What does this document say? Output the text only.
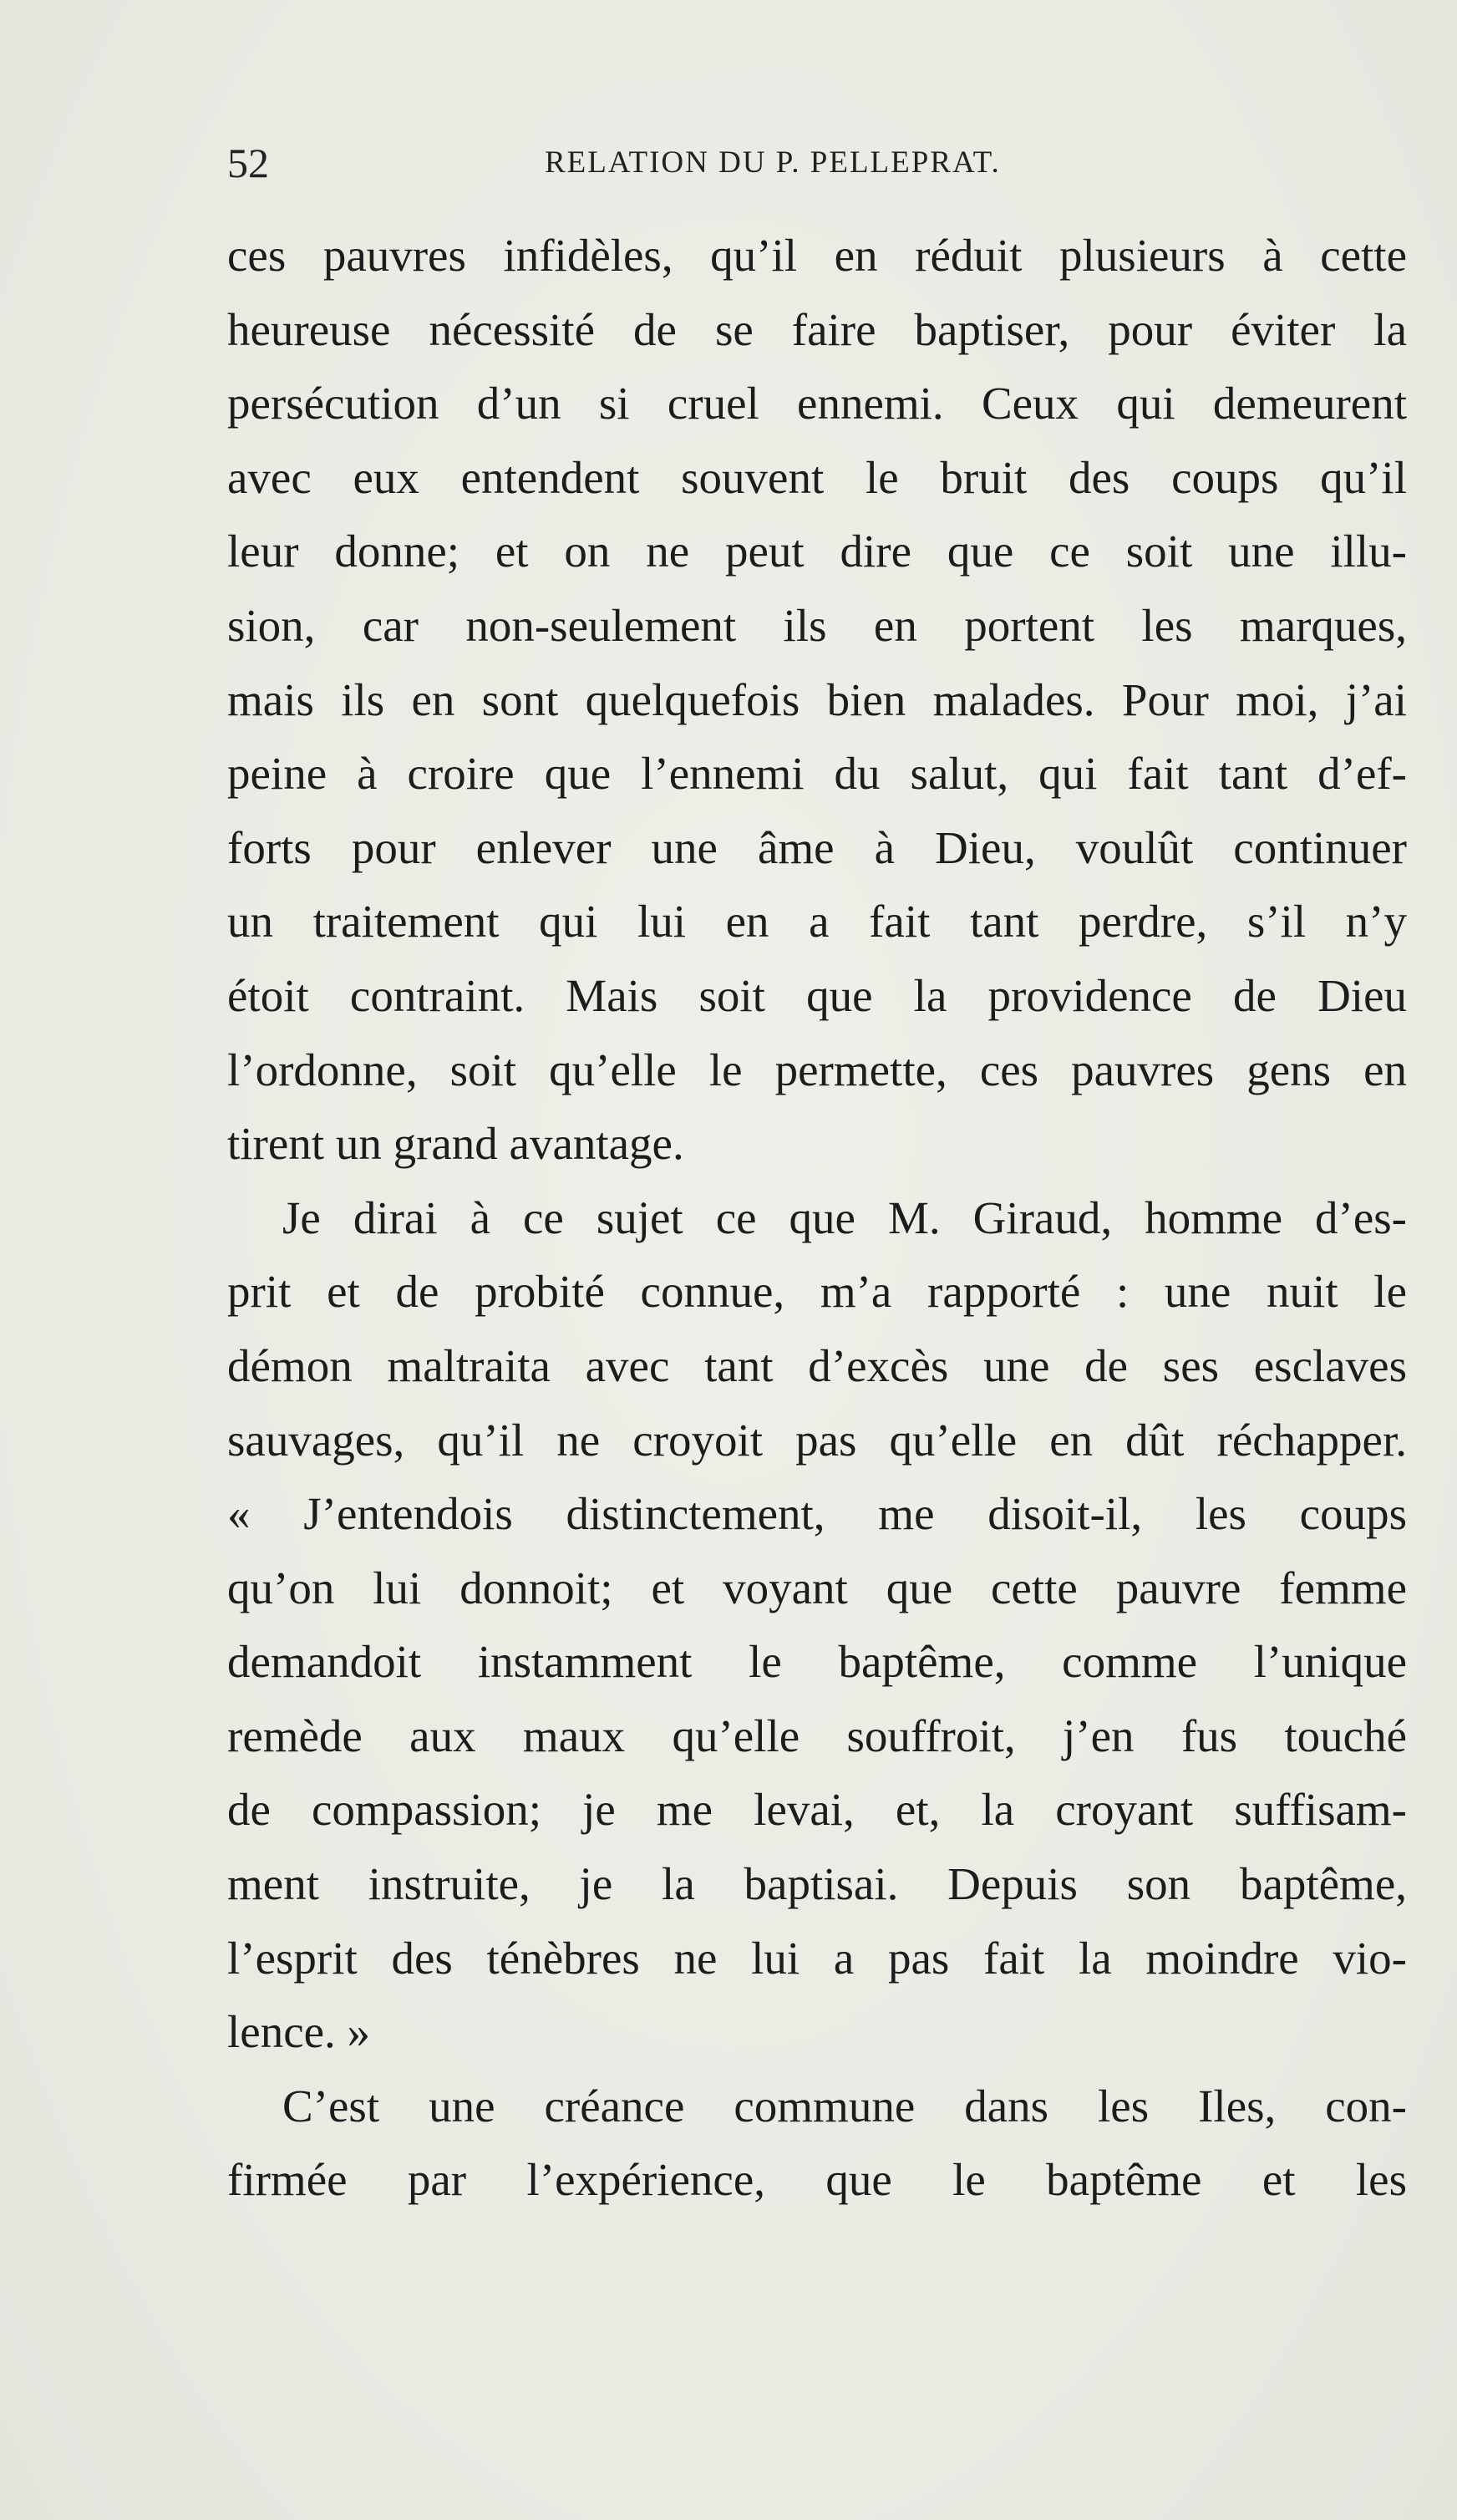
52	RELATION DU P. PELLEPRAT.
ces pauvres infidèles, qu’il en réduit plusieurs à cette
heureuse nécessité de se faire baptiser, pour éviter la
persécution d’un si cruel ennemi. Ceux qui demeurent
avec eux entendent souvent le bruit des coups qu’il
leur donne; et on ne peut dire que ce soit une illu-
sion, car non-seulement ils en portent les marques,
mais ils en sont quelquefois bien malades. Pour moi, j’ai
peine à croire que l’ennemi du salut, qui fait tant d’ef-
forts pour enlever une âme à Dieu, voulût continuer
un traitement qui lui en a fait tant perdre, s’il n’y
étoit contraint. Mais soit que la providence de Dieu
l’ordonne, soit qu’elle le permette, ces pauvres gens en
tirent un grand avantage.
Je dirai à ce sujet ce que M. Giraud, homme d’es-
prit et de probité connue, m’a rapporté : une nuit le
démon maltraita avec tant d’excès une de ses esclaves
sauvages, qu’il ne croyoit pas qu’elle en dût réchapper.
« J’entendois distinctement, me disoit-il, les coups
qu’on lui donnoit; et voyant que cette pauvre femme
demandoit instamment le baptême, comme l’unique
remède aux maux qu’elle souffroit, j’en fus touché
de compassion; je me levai, et, la croyant suffisam-
ment instruite, je la baptisai. Depuis son baptême,
l’esprit des ténèbres ne lui a pas fait la moindre vio-
lence. »
C’est une créance commune dans les Iles, con-
firmée par l’expérience, que le baptême et les
